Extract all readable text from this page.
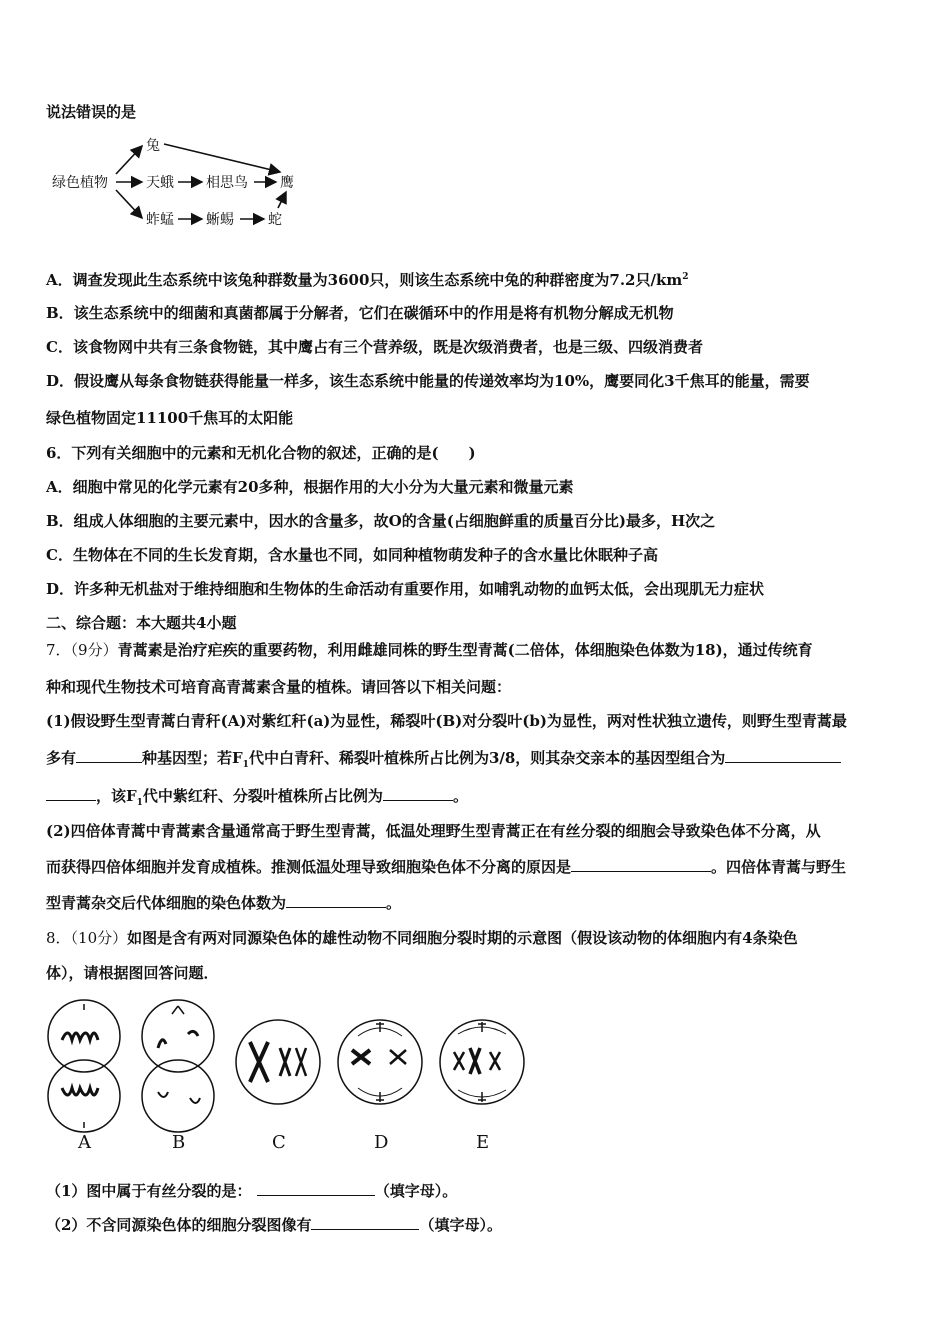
说法错误的是
绿色植物
兔
天蛾 相思鸟 鹰
蚱蜢 蜥蜴 蛇
A．调查发现此生态系统中该兔种群数量为3600只，则该生态系统中兔的种群密度为7.2只$/km^2$
B．该生态系统中的细菌和真菌都属于分解者，它们在碳循环中的作用是将有机物分解成无机物
C．该食物网中共有三条食物链，其中鹰占有三个营养级，既是次级消费者，也是三级、四级消费者
D．假设鹰从每条食物链获得能量一样多，该生态系统中能量的传递效率均为10%，鹰要同化3千焦耳的能量，需要
绿色植物固定11100千焦耳的太阳能
6．下列有关细胞中的元素和无机化合物的叙述，正确的是(　　)
A．细胞中常见的化学元素有20多种，根据作用的大小分为大量元素和微量元素
B．组成人体细胞的主要元素中，因水的含量多，故O的含量(占细胞鲜重的质量百分比)最多，H次之
C．生物体在不同的生长发育期，含水量也不同，如同种植物萌发种子的含水量比休眠种子高
D．许多种无机盐对于维持细胞和生物体的生命活动有重要作用，如哺乳动物的血钙太低，会出现肌无力症状
二、综合题：本大题共4小题
7．（9分）青蒿素是治疗疟疾的重要药物，利用雌雄同株的野生型青蒿(二倍体，体细胞染色体数为18)，通过传统育
种和现代生物技术可培育高青蒿素含量的植株。请回答以下相关问题：
(1)假设野生型青蒿白青秆(A)对紫红秆(a)为显性，稀裂叶(B)对分裂叶(b)为显性，两对性状独立遗传，则野生型青蒿最
多有	种基因型；若$F_1$代中白青秆、稀裂叶植株所占比例为3/8，则其杂交亲本的基因型组合为
，该$F_1$代中紫红秆、分裂叶植株所占比例为	。
(2)四倍体青蒿中青蒿素含量通常高于野生型青蒿，低温处理野生型青蒿正在有丝分裂的细胞会导致染色体不分离，从
而获得四倍体细胞并发育成植株。推测低温处理导致细胞染色体不分离的原因是	。四倍体青蒿与野生
型青蒿杂交后代体细胞的染色体数为	。
8．（10分）如图是含有两对同源染色体的雄性动物不同细胞分裂时期的示意图（假设该动物的体细胞内有4条染色
体），请根据图回答问题．
A	B	C	D	E
（1）图中属于有丝分裂的是：	（填字母）。
（2）不含同源染色体的细胞分裂图像有	（填字母）。
